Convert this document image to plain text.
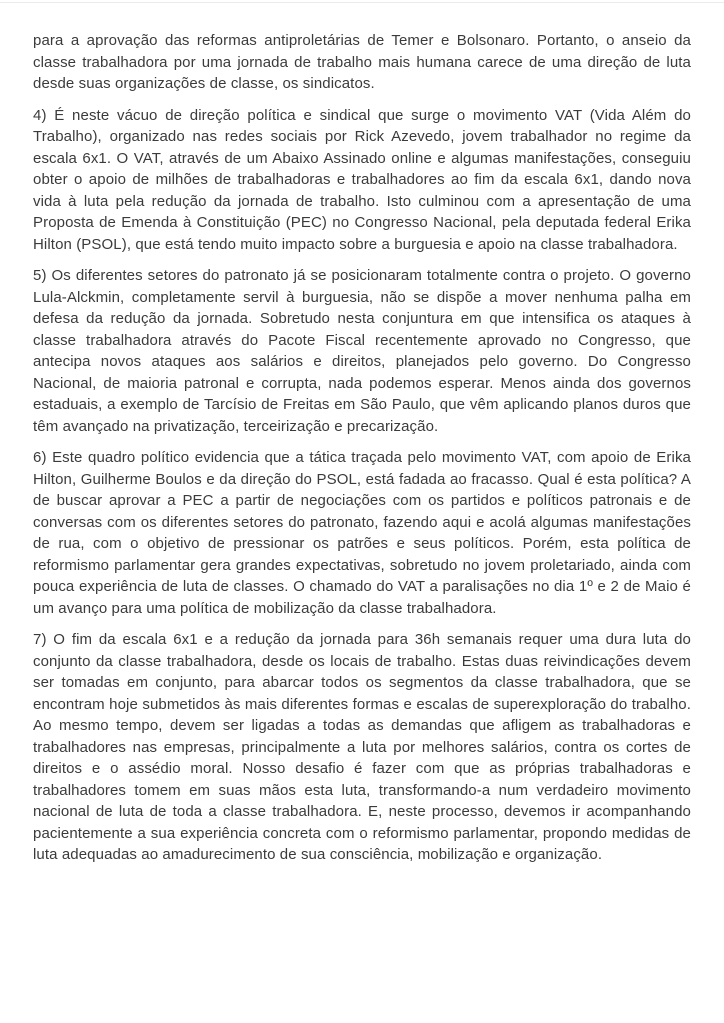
para a aprovação das reformas antiproletárias de Temer e Bolsonaro. Portanto, o anseio da classe trabalhadora por uma jornada de trabalho mais humana carece de uma direção de luta desde suas organizações de classe, os sindicatos.

4) É neste vácuo de direção política e sindical que surge o movimento VAT (Vida Além do Trabalho), organizado nas redes sociais por Rick Azevedo, jovem trabalhador no regime da escala 6x1. O VAT, através de um Abaixo Assinado online e algumas manifestações, conseguiu obter o apoio de milhões de trabalhadoras e trabalhadores ao fim da escala 6x1, dando nova vida à luta pela redução da jornada de trabalho. Isto culminou com a apresentação de uma Proposta de Emenda à Constituição (PEC) no Congresso Nacional, pela deputada federal Erika Hilton (PSOL), que está tendo muito impacto sobre a burguesia e apoio na classe trabalhadora.

5) Os diferentes setores do patronato já se posicionaram totalmente contra o projeto. O governo Lula-Alckmin, completamente servil à burguesia, não se dispõe a mover nenhuma palha em defesa da redução da jornada. Sobretudo nesta conjuntura em que intensifica os ataques à classe trabalhadora através do Pacote Fiscal recentemente aprovado no Congresso, que antecipa novos ataques aos salários e direitos, planejados pelo governo. Do Congresso Nacional, de maioria patronal e corrupta, nada podemos esperar. Menos ainda dos governos estaduais, a exemplo de Tarcísio de Freitas em São Paulo, que vêm aplicando planos duros que têm avançado na privatização, terceirização e precarização.

6) Este quadro político evidencia que a tática traçada pelo movimento VAT, com apoio de Erika Hilton, Guilherme Boulos e da direção do PSOL, está fadada ao fracasso. Qual é esta política? A de buscar aprovar a PEC a partir de negociações com os partidos e políticos patronais e de conversas com os diferentes setores do patronato, fazendo aqui e acolá algumas manifestações de rua, com o objetivo de pressionar os patrões e seus políticos. Porém, esta política de reformismo parlamentar gera grandes expectativas, sobretudo no jovem proletariado, ainda com pouca experiência de luta de classes. O chamado do VAT a paralisações no dia 1º e 2 de Maio é um avanço para uma política de mobilização da classe trabalhadora.

7) O fim da escala 6x1 e a redução da jornada para 36h semanais requer uma dura luta do conjunto da classe trabalhadora, desde os locais de trabalho. Estas duas reivindicações devem ser tomadas em conjunto, para abarcar todos os segmentos da classe trabalhadora, que se encontram hoje submetidos às mais diferentes formas e escalas de superexploração do trabalho. Ao mesmo tempo, devem ser ligadas a todas as demandas que afligem as trabalhadoras e trabalhadores nas empresas, principalmente a luta por melhores salários, contra os cortes de direitos e o assédio moral. Nosso desafio é fazer com que as próprias trabalhadoras e trabalhadores tomem em suas mãos esta luta, transformando-a num verdadeiro movimento nacional de luta de toda a classe trabalhadora. E, neste processo, devemos ir acompanhando pacientemente a sua experiência concreta com o reformismo parlamentar, propondo medidas de luta adequadas ao amadurecimento de sua consciência, mobilização e organização.
